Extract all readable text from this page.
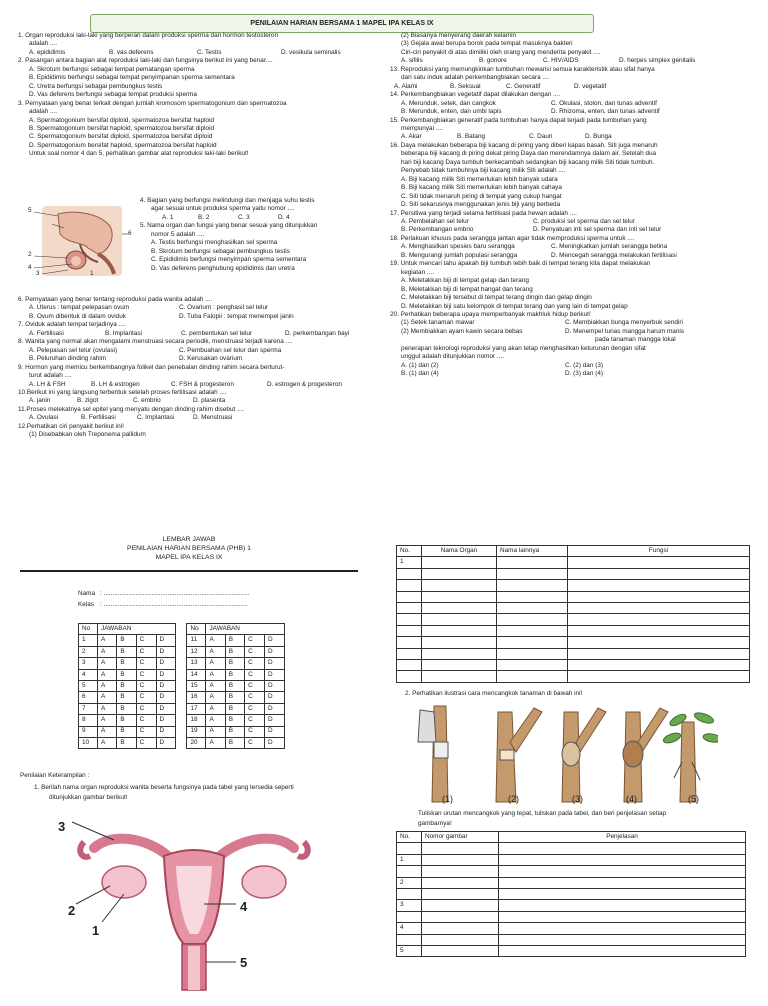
PENILAIAN HARIAN BERSAMA 1 MAPEL IPA KELAS IX

1. Organ reproduksi laki-laki yang berperan dalam produksi sperma dan hormon testosteron

adalah ....

A. epididimis	B. vas deferens	C. Testis	D. vesikula seminalis

2. Pasangan antara bagian alat reproduksi laki-laki dan fungsinya berikut ini yang benar....

A. Skrotum berfungsi sebagai tempat pematangan sperma

B. Epididimis berfungsi sebagai tempat penyimpanan sperma sementara

C. Uretra berfungsi sebagai pembungkus testis

D. Vas deferens berfungsi sebagai tempat produksi sperma

3. Pernyataan yang benar terkait dengan jumlah kromosom spermatogonium dan spermatozoa

adalah ....

A. Spermatogonium bersifat diploid, spermatozoa bersifat haploid

B. Spermatogonium bersifat haploid, spermatozoa bersifat diploid

C. Spermatogonium bersifat diploid, spermatozoa bersifat diploid

D. Spermatogonium bersifat haploid, spermatozoa bersifat haploid

Untuk soal nomor 4 dan 5, perhatikan gambar alat reproduksi laki-laki berikut!

5
2
4
3	1
6

4. Bagian yang berfungsi melindungi dan menjaga suhu testis

agar sesuai untuk produksi sperma yaitu nomor ....

A. 1	B. 2	C. 3	D. 4

5. Nama organ dan fungsi yang benar sesuai yang ditunjukkan

nomor 5 adalah ....

A. Testis berfungsi menghasilkan sel sperma

B. Skrotum berfungsi sebagai pembungkus testis

C. Epididimis berfungsi menyimpan sperma sementara

D. Vas deferens penghubung epididimis dan uretra

6. Pernyataan yang benar tentang reproduksi pada wanita adalah ....

A. Uterus : tempat pelepasan ovum	C. Ovarium : penghasil sel telur

B. Ovum dibentuk di dalam oviduk	D. Tuba Falopii : tempat menempel janin

7. Oviduk adalah tempat terjadinya ....

A. Fertilisasi	B. Implantasi	C. pembentukan sel telur	D. perkembangan bayi

8. Wanita yang normal akan mengalami menstruasi secara periodik, menstruasi terjadi karena ....

A. Pelepasan sel telur (ovulasi)	C. Pembuahan sel telur dan sperma

B. Peluruhan dinding rahim	D. Kerusakan ovarium

9. Hormon yang memicu berkembangnya folikel dan penebalan dinding rahim secara berturut-

turut adalah ....

A. LH & FSH	B. LH & estrogen	C. FSH & progesteron	D. estrogen & progesteron

10.Berikut ini yang langsung terbentuk setelah proses fertilisasi adalah ....

A. janin	B. zigot	C. embrio	D. plasenta

11.Proses melekatnya sel epitel yang menyatu dengan dinding rahim disebut ....

A. Ovulasi	B. Fertilisasi	C. Implantasi	D. Menstruasi

12.Perhatikan ciri penyakit berikut ini!

(1) Disebabkan oleh Treponema pallidum

(2) Biasanya menyerang daerah kelamin

(3) Gejala awal berupa borok pada tempat masuknya bakteri

Ciri-ciri penyakit di atas dimiliki oleh orang yang menderita penyakit ....

A. sifilis	B. gonore	C. HIV/AIDS	D. herpes simplex genitalis

13. Reproduksi yang memungkinkan tumbuhan mewarisi semua karakteristik atau sifat hanya

dari satu induk adalah perkembangbiakan secara ....

A. Alami	B. Seksual	C. Generatif	D. vegetatif

14. Perkembangbiakan vegetatif dapat dilakukan dengan ....

A. Merunduk, setek, dan cangkok	C. Okulasi, stolon, dan tunas adventif

B. Merunduk, enten, dan umbi lapis	D. Rhizoma, enten, dan tunas adventif

15. Perkembangbiakan generatif pada tumbuhan hanya dapat terjadi pada tumbuhan yang

mempunyai ....

A. Akar	B. Batang	C. Daun	D. Bunga

16. Daya melakukan beberapa biji kacang di piring yang diberi kapas basah. Siti juga menaruh

beberapa biji kacang di piring dekat piring Daya dan merendamnya dalam air. Setelah dua

hari biji kacang Daya tumbuh berkecambah sedangkan biji kacang milik Siti tidak tumbuh.

Penyebab tidak tumbuhnya biji kacang milik Siti adalah ....

A. Biji kacang milik Siti memerlukan lebih banyak udara

B. Biji kacang milik Siti memerlukan lebih banyak cahaya

C. Siti tidak menaruh piring di tempat yang cukup hangat

D. Siti sekarusnya menggunakan jenis biji yang berbeda

17. Persitiwa yang terjadi selama fertilisasi pada hewan adalah ....

A. Pembelahan sel telur	C. produksi sel sperma dan sel telur

B. Perkembangan embrio	D. Penyatuan inti sel sperma dan inti sel telur

18. Perlakuan khusus pada serangga jantan agar tidak memproduksi sperma untuk ....

A. Menghasilkan spesies baru serangga	C. Meningkatkan jumlah serangga betina

B. Mengurangi jumlah populasi serangga	D. Mencegah serangga melakukan fertilisasi

19. Untuk mencari tahu apakah biji tumbuh lebih baik di tempat terang kita dapat melakukan

kegiatan ....

A. Meletakkan biji di tempat gelap dan terang

B. Meletakkan biji di tempat hangat dan terang

C. Meletakkan biji tersebut di tempat terang dingin dan gelap dingin

D. Meletakkan biji satu kelompok di tempat terang dan yang lain di tempat gelap

20. Perhatikan beberapa upaya memperbanyak makhluk hidup berikut!

(1) Setek tanaman mawar	C. Membiakkan bunga menyerbuk sendiri

(2) Membiakkan ayam kawin secara bebas	D. Menempel tunas mangga harum manis

pada tanaman mangga lokal

penerapan teknologi reproduksi yang akan tetap menghasilkan keturunan dengan sifat

unggul adalah ditunjukkan nomor ....

A. (1) dan (2)	C. (2) dan (3)

B. (1) dan (4)	D. (3) dan (4)

LEMBAR JAWAB
PENILAIAN HARIAN BERSAMA (PHB) 1
MAPEL IPA KELAS IX
Nama : ..................................................................................
Kelas : .................................................................................
No	JAWABAN					No	JAWABAN			
1	A	B	C	D		11	A	B	C	D
2	A	B	C	D		12	A	B	C	D
3	A	B	C	D		13	A	B	C	D
4	A	B	C	D		14	A	B	C	D
5	A	B	C	D		15	A	B	C	D
6	A	B	C	D		16	A	B	C	D
7	A	B	C	D		17	A	B	C	D
8	A	B	C	D		18	A	B	C	D
9	A	B	C	D		19	A	B	C	D
10	A	B	C	D		20	A	B	C	D
Penilaian Keterampilan :
1. Berilah nama organ reproduksi wanita beserta fungsinya pada tabel yang tersedia seperti
ditunjukkan gambar berikut!
3
2
1
4
5
No.	Nama Organ	Nama lainnya	Fungsi
1			

2. Perhatikan ilustrasi cara mencangkok tanaman di bawah ini!
(1)	(2)	(3)	(4)	(5)
Tuliskan urutan mencangkok yang tepat, tuliskan pada tabel, dan beri penjelasan setiap
gambarnya!
No.	Nomor gambar	Penjelasan

1		

2		

3		

4		

5		
